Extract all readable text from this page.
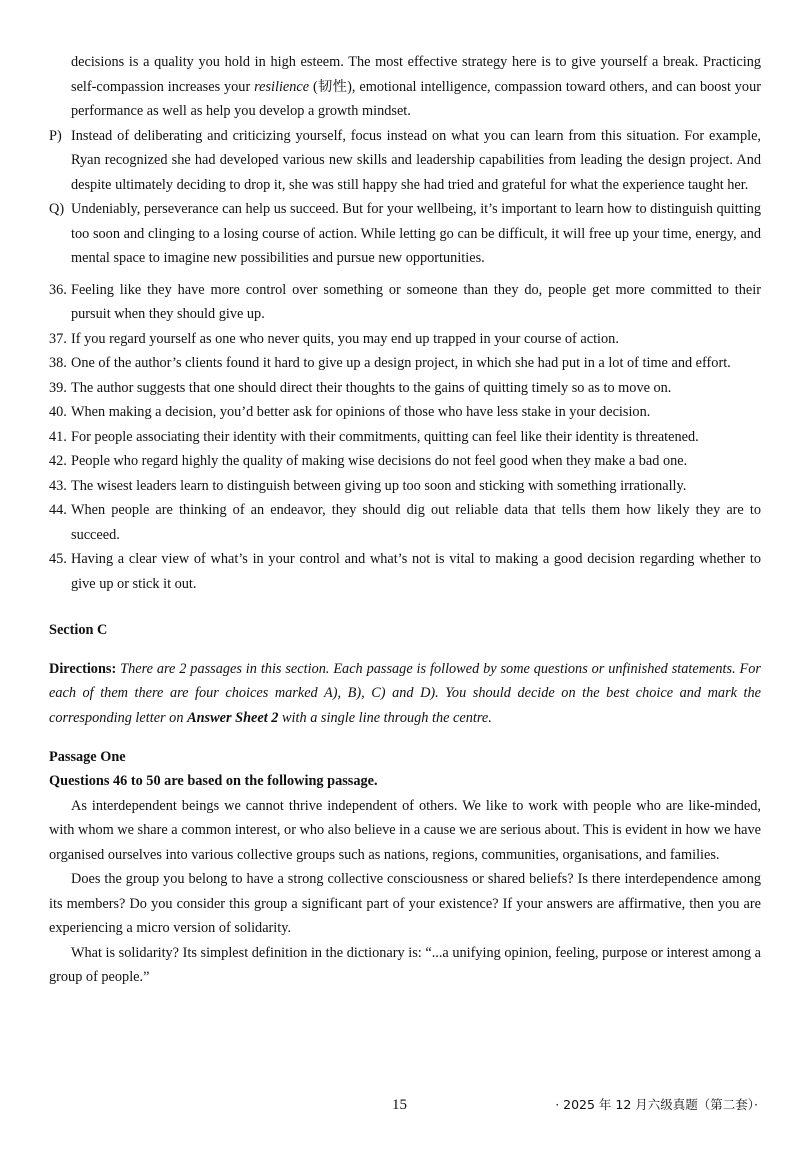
decisions is a quality you hold in high esteem. The most effective strategy here is to give yourself a break. Practicing self-compassion increases your resilience (韧性), emotional intelligence, compassion toward others, and can boost your performance as well as help you develop a growth mindset.

P) Instead of deliberating and criticizing yourself, focus instead on what you can learn from this situation. For example, Ryan recognized she had developed various new skills and leadership capabilities from leading the design project. And despite ultimately deciding to drop it, she was still happy she had tried and grateful for what the experience taught her.
Q) Undeniably, perseverance can help us succeed. But for your wellbeing, it’s important to learn how to distinguish quitting too soon and clinging to a losing course of action. While letting go can be difficult, it will free up your time, energy, and mental space to imagine new possibilities and pursue new opportunities.
36. Feeling like they have more control over something or someone than they do, people get more committed to their pursuit when they should give up.
37. If you regard yourself as one who never quits, you may end up trapped in your course of action.
38. One of the author’s clients found it hard to give up a design project, in which she had put in a lot of time and effort.
39. The author suggests that one should direct their thoughts to the gains of quitting timely so as to move on.
40. When making a decision, you’d better ask for opinions of those who have less stake in your decision.
41. For people associating their identity with their commitments, quitting can feel like their identity is threatened.
42. People who regard highly the quality of making wise decisions do not feel good when they make a bad one.
43. The wisest leaders learn to distinguish between giving up too soon and sticking with something irrationally.
44. When people are thinking of an endeavor, they should dig out reliable data that tells them how likely they are to succeed.
45. Having a clear view of what’s in your control and what’s not is vital to making a good decision regarding whether to give up or stick it out.
Section C

Directions: There are 2 passages in this section. Each passage is followed by some questions or unfinished statements. For each of them there are four choices marked A), B), C) and D). You should decide on the best choice and mark the corresponding letter on Answer Sheet 2 with a single line through the centre.

Passage One
Questions 46 to 50 are based on the following passage.

As interdependent beings we cannot thrive independent of others. We like to work with people who are like-minded, with whom we share a common interest, or who also believe in a cause we are serious about. This is evident in how we have organised ourselves into various collective groups such as nations, regions, communities, organisations, and families.

Does the group you belong to have a strong collective consciousness or shared beliefs? Is there interdependence among its members? Do you consider this group a significant part of your existence? If your answers are affirmative, then you are experiencing a micro version of solidarity.

What is solidarity? Its simplest definition in the dictionary is: “...a unifying opinion, feeling, purpose or interest among a group of people.”

15	· 2025 年 12 月六级真题（第二套）·
